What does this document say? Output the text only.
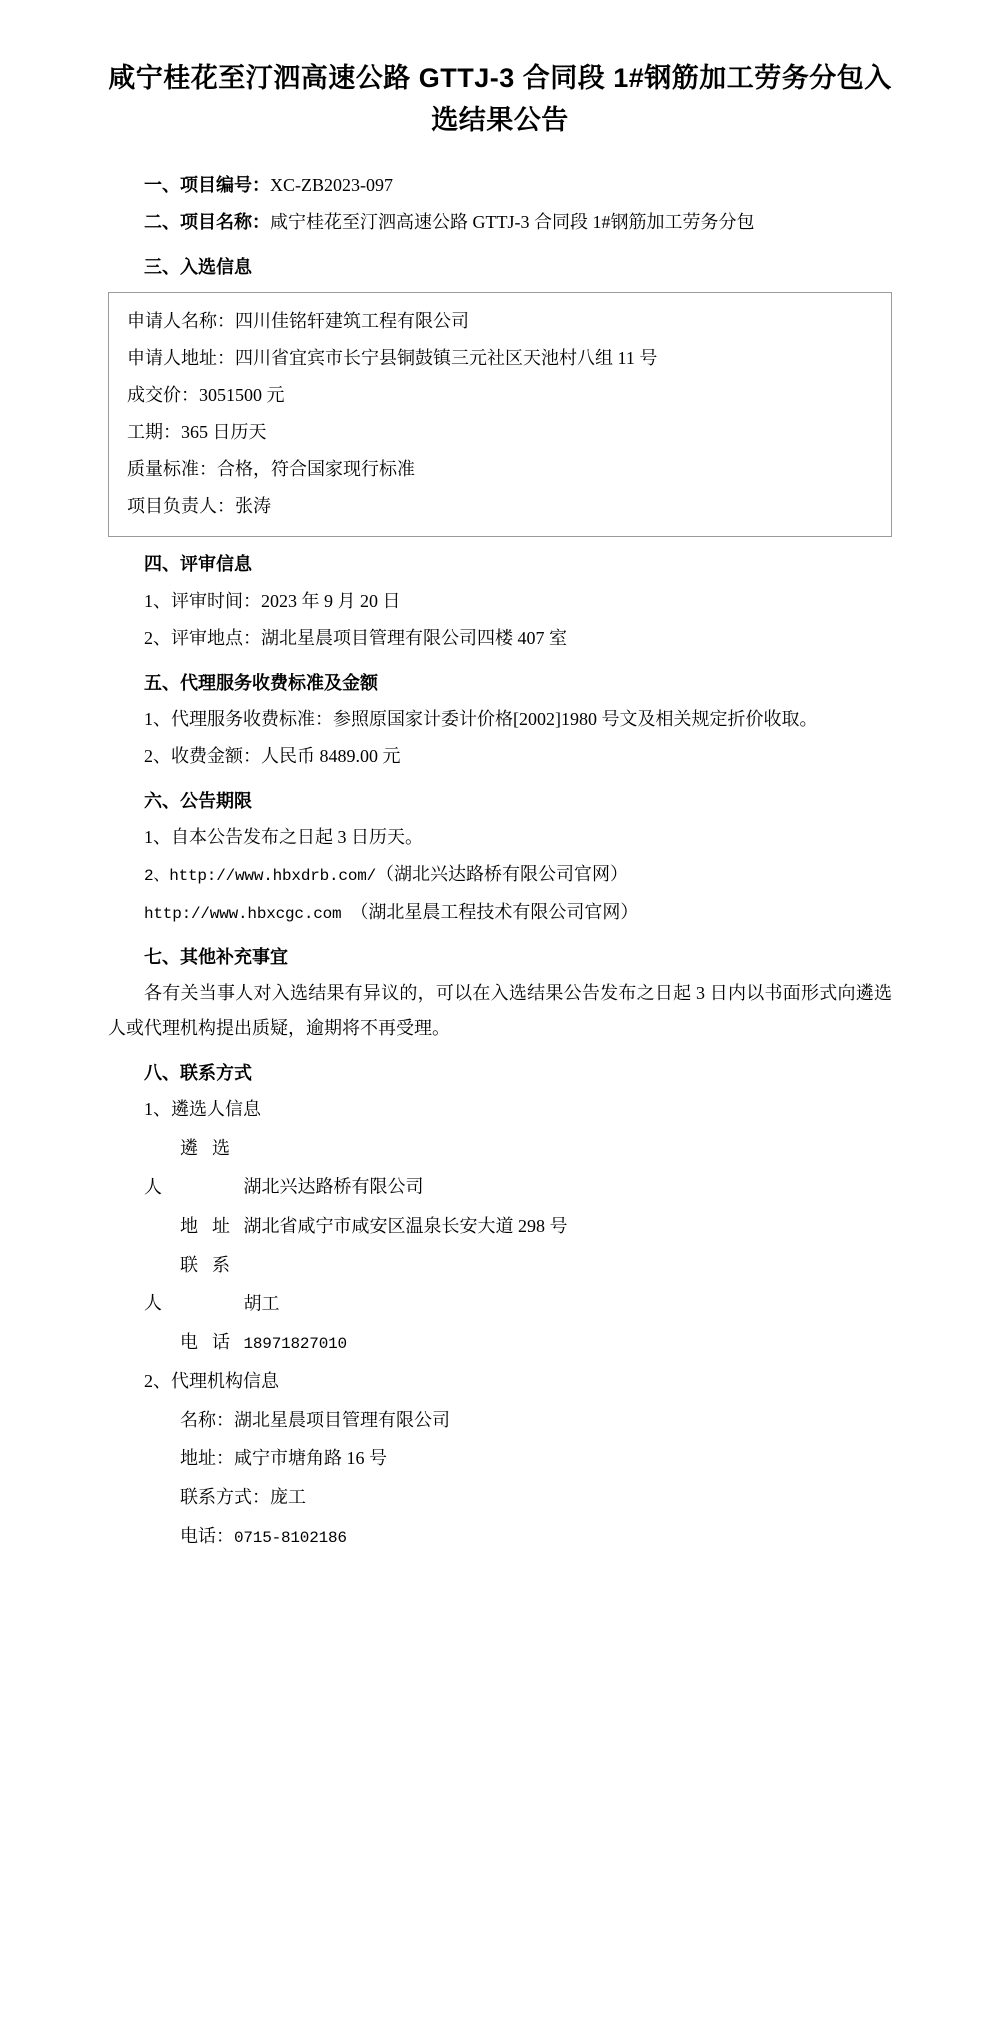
咸宁桂花至汀泗高速公路 GTTJ-3 合同段 1#钢筋加工劳务分包入选结果公告

一、项目编号：XC-ZB2023-097

二、项目名称：咸宁桂花至汀泗高速公路 GTTJ-3 合同段 1#钢筋加工劳务分包

三、入选信息

申请人名称：四川佳铭轩建筑工程有限公司
申请人地址：四川省宜宾市长宁县铜鼓镇三元社区天池村八组 11 号
成交价：3051500 元
工期：365 日历天
质量标准：合格，符合国家现行标准
项目负责人：张涛

四、评审信息

1、评审时间：2023 年 9 月 20 日

2、评审地点：湖北星晨项目管理有限公司四楼 407 室

五、代理服务收费标准及金额

1、代理服务收费标准：参照原国家计委计价格[2002]1980 号文及相关规定折价收取。

2、收费金额：人民币 8489.00 元

六、公告期限

1、自本公告发布之日起 3 日历天。

2、http://www.hbxdrb.com/（湖北兴达路桥有限公司官网）

http://www.hbxcgc.com （湖北星晨工程技术有限公司官网）

七、其他补充事宜

各有关当事人对入选结果有异议的，可以在入选结果公告发布之日起 3 日内以书面形式向遴选人或代理机构提出质疑，逾期将不再受理。

八、联系方式

1、遴选人信息

遴选人	湖北兴达路桥有限公司
地址 湖北省咸宁市咸安区温泉长安大道 298 号
联系人	胡工
电话 18971827010

2、代理机构信息

名称：湖北星晨项目管理有限公司
地址：咸宁市塘角路 16 号
联系方式：庞工
电话：0715-8102186
